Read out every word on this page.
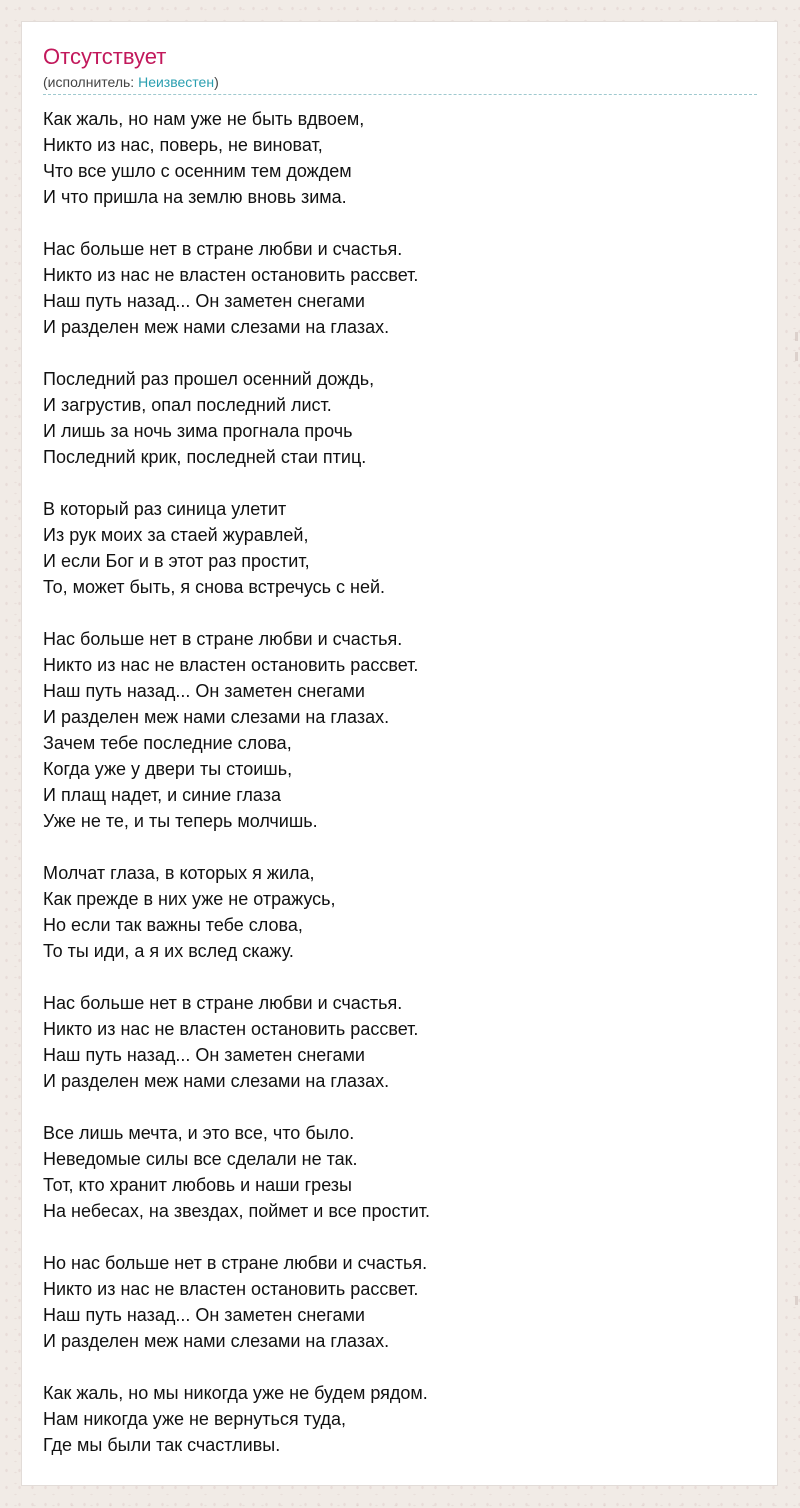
Отсутствует
(исполнитель: Неизвестен)
Как жаль, но нам уже не быть вдвоем,
Никто из нас, поверь, не виноват,
Что все ушло с осенним тем дождем
И что пришла на землю вновь зима.
Нас больше нет в стране любви и счастья.
Никто из нас не властен остановить рассвет.
Наш путь назад... Он заметен снегами
И разделен меж нами слезами на глазах.
Последний раз прошел осенний дождь,
И загрустив, опал последний лист.
И лишь за ночь зима прогнала прочь
Последний крик, последней стаи птиц.
В который раз синица улетит
Из рук моих за стаей журавлей,
И если Бог и в этот раз простит,
То, может быть, я снова встречусь с ней.
Нас больше нет в стране любви и счастья.
Никто из нас не властен остановить рассвет.
Наш путь назад... Он заметен снегами
И разделен меж нами слезами на глазах.
Зачем тебе последние слова,
Когда уже у двери ты стоишь,
И плащ надет, и синие глаза
Уже не те, и ты теперь молчишь.
Молчат глаза, в которых я жила,
Как прежде в них уже не отражусь,
Но если так важны тебе слова,
То ты иди, а я их вслед скажу.
Нас больше нет в стране любви и счастья.
Никто из нас не властен остановить рассвет.
Наш путь назад... Он заметен снегами
И разделен меж нами слезами на глазах.
Все лишь мечта, и это все, что было.
Неведомые силы все сделали не так.
Тот, кто хранит любовь и наши грезы
На небесах, на звездах, поймет и все простит.
Но нас больше нет в стране любви и счастья.
Никто из нас не властен остановить рассвет.
Наш путь назад... Он заметен снегами
И разделен меж нами слезами на глазах.
Как жаль, но мы никогда уже не будем рядом.
Нам никогда уже не вернуться туда,
Где мы были так счастливы.
